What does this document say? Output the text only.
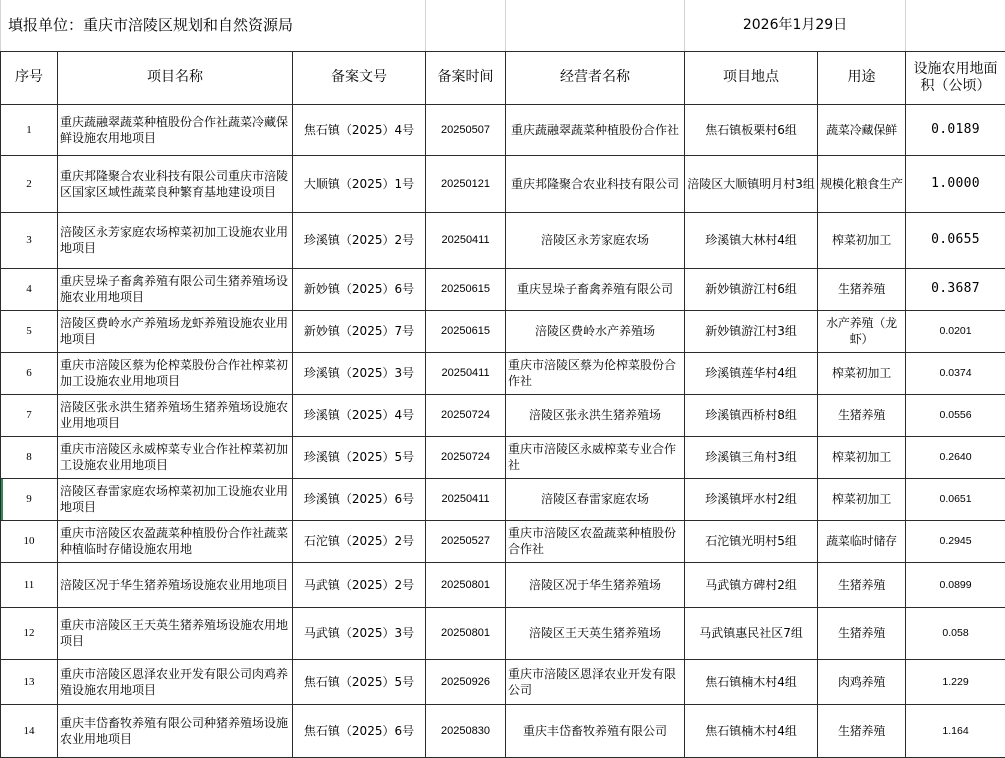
填报单位：重庆市涪陵区规划和自然资源局					2026年1月29日		
序号	项目名称	备案文号	备案时间	经营者名称	项目地点	用途	设施农用地面积（公顷）
1	重庆蔬融翠蔬菜种植股份合作社蔬菜冷藏保鲜设施农用地项目	焦石镇（2025）4号	20250507	重庆蔬融翠蔬菜种植股份合作社	焦石镇板栗村6组	蔬菜冷藏保鲜	0.0189
2	重庆邦隆聚合农业科技有限公司重庆市涪陵区国家区域性蔬菜良种繁育基地建设项目	大顺镇（2025）1号	20250121	重庆邦隆聚合农业科技有限公司	涪陵区大顺镇明月村3组	规模化粮食生产	1.0000
3	涪陵区永芳家庭农场榨菜初加工设施农业用地项目	珍溪镇（2025）2号	20250411	涪陵区永芳家庭农场	珍溪镇大林村4组	榨菜初加工	0.0655
4	重庆昱垛子畜禽养殖有限公司生猪养殖场设施农业用地项目	新妙镇（2025）6号	20250615	重庆昱垛子畜禽养殖有限公司	新妙镇游江村6组	生猪养殖	0.3687
5	涪陵区费岭水产养殖场龙虾养殖设施农业用地项目	新妙镇（2025）7号	20250615	涪陵区费岭水产养殖场	新妙镇游江村3组	水产养殖（龙虾）	0.0201
6	重庆市涪陵区蔡为伦榨菜股份合作社榨菜初加工设施农业用地项目	珍溪镇（2025）3号	20250411	重庆市涪陵区蔡为伦榨菜股份合作社	珍溪镇莲华村4组	榨菜初加工	0.0374
7	涪陵区张永洪生猪养殖场生猪养殖场设施农业用地项目	珍溪镇（2025）4号	20250724	涪陵区张永洪生猪养殖场	珍溪镇西桥村8组	生猪养殖	0.0556
8	重庆市涪陵区永威榨菜专业合作社榨菜初加工设施农业用地项目	珍溪镇（2025）5号	20250724	重庆市涪陵区永威榨菜专业合作社	珍溪镇三角村3组	榨菜初加工	0.2640
9	涪陵区春雷家庭农场榨菜初加工设施农业用地项目	珍溪镇（2025）6号	20250411	涪陵区春雷家庭农场	珍溪镇坪水村2组	榨菜初加工	0.0651
10	重庆市涪陵区农盈蔬菜种植股份合作社蔬菜种植临时存储设施农用地	石沱镇（2025）2号	20250527	重庆市涪陵区农盈蔬菜种植股份合作社	石沱镇光明村5组	蔬菜临时储存	0.2945
11	涪陵区况于华生猪养殖场设施农业用地项目	马武镇（2025）2号	20250801	涪陵区况于华生猪养殖场	马武镇方碑村2组	生猪养殖	0.0899
12	重庆市涪陵区王天英生猪养殖场设施农用地项目	马武镇（2025）3号	20250801	涪陵区王天英生猪养殖场	马武镇惠民社区7组	生猪养殖	0.058
13	重庆市涪陵区恩泽农业开发有限公司肉鸡养殖设施农用地项目	焦石镇（2025）5号	20250926	重庆市涪陵区恩泽农业开发有限公司	焦石镇楠木村4组	肉鸡养殖	1.229
14	重庆丰岱畜牧养殖有限公司种猪养殖场设施农业用地项目	焦石镇（2025）6号	20250830	重庆丰岱畜牧养殖有限公司	焦石镇楠木村4组	生猪养殖	1.164
